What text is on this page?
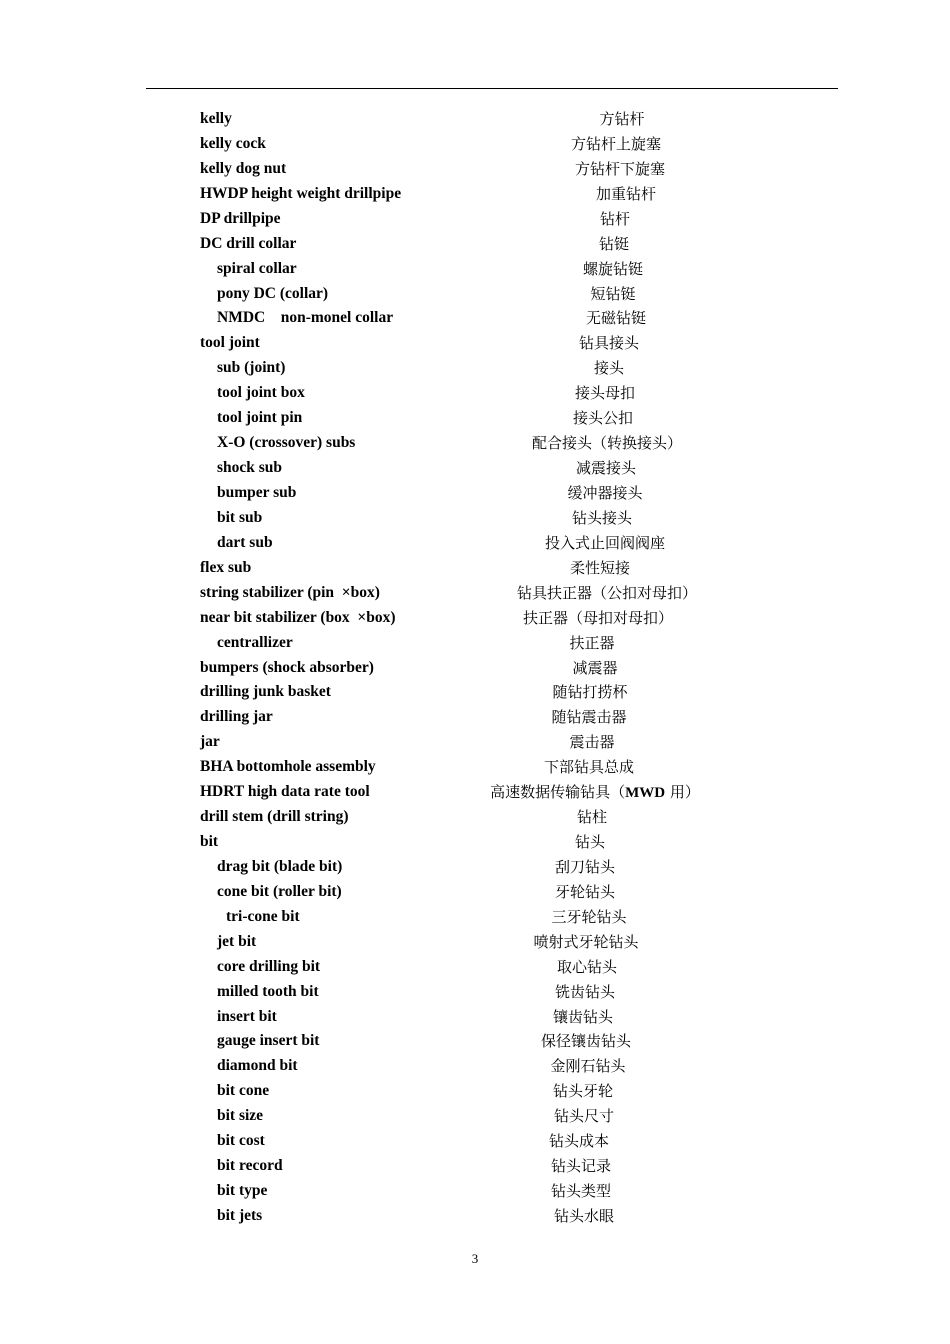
kelly	方钻杆
kelly cock	方钻杆上旋塞
kelly dog nut	方钻杆下旋塞
HWDP height weight drillpipe	加重钻杆
DP drillpipe	钻杆
DC drill collar	钻铤
spiral collar	螺旋钻铤
pony DC (collar)	短钻铤
NMDC    non-monel collar	无磁钻铤
tool joint	钻具接头
sub (joint)	接头
tool joint box	接头母扣
tool joint pin	接头公扣
X-O (crossover) subs	配合接头（转换接头）
shock sub	减震接头
bumper sub	缓冲器接头
bit sub	钻头接头
dart sub	投入式止回阀阀座
flex sub	柔性短接
string stabilizer (pin  ×box)	钻具扶正器（公扣对母扣）
near bit stabilizer (box  ×box)	扶正器（母扣对母扣）
centrallizer	扶正器
bumpers (shock absorber)	减震器
drilling junk basket	随钻打捞杯
drilling jar	随钻震击器
jar	震击器
BHA bottomhole assembly	下部钻具总成
HDRT high data rate tool	高速数据传输钻具（MWD 用）
drill stem (drill string)	钻柱
bit	钻头
drag bit (blade bit)	刮刀钻头
cone bit (roller bit)	牙轮钻头
tri-cone bit	三牙轮钻头
jet bit	喷射式牙轮钻头
core drilling bit	取心钻头
milled tooth bit	铣齿钻头
insert bit	镶齿钻头
gauge insert bit	保径镶齿钻头
diamond bit	金刚石钻头
bit cone	钻头牙轮
bit size	钻头尺寸
bit cost	钻头成本
bit record	钻头记录
bit type	钻头类型
bit jets	钻头水眼
3
